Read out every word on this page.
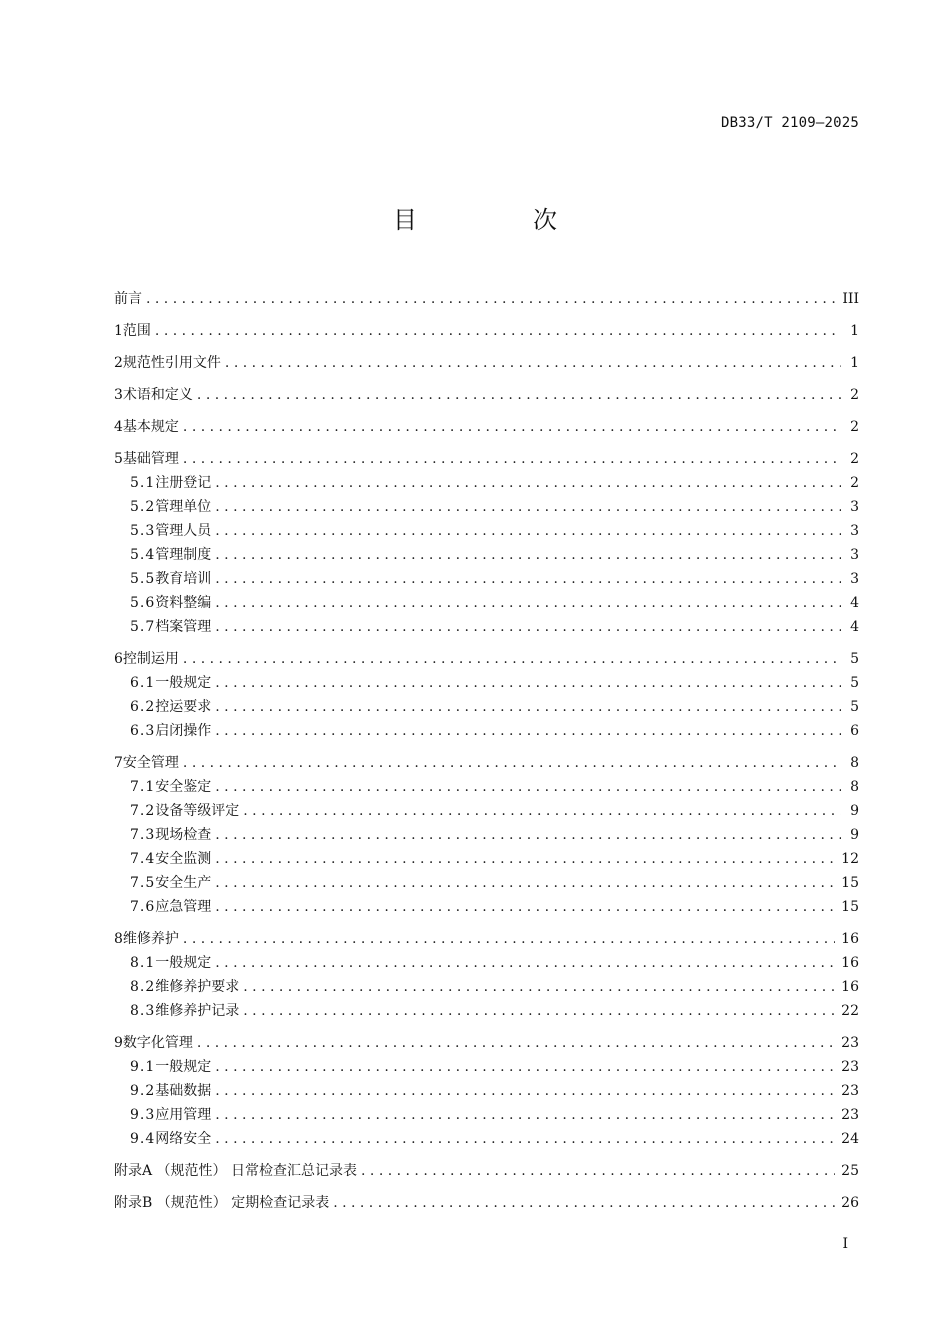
DB33/T 2109—2025
目　次
前言 . . .	III
1 范围 . . .	1
2 规范性引用文件 . . .	1
3 术语和定义 . . .	2
4 基本规定 . . .	2
5 基础管理 . . .	2
5.1 注册登记 . . .	2
5.2 管理单位 . . .	3
5.3 管理人员 . . .	3
5.4 管理制度 . . .	3
5.5 教育培训 . . .	3
5.6 资料整编 . . .	4
5.7 档案管理 . . .	4
6 控制运用 . . .	5
6.1 一般规定 . . .	5
6.2 控运要求 . . .	5
6.3 启闭操作 . . .	6
7 安全管理 . . .	8
7.1 安全鉴定 . . .	8
7.2 设备等级评定 . . .	9
7.3 现场检查 . . .	9
7.4 安全监测 . . .	12
7.5 安全生产 . . .	15
7.6 应急管理 . . .	15
8 维修养护 . . .	16
8.1 一般规定 . . .	16
8.2 维修养护要求 . . .	16
8.3 维修养护记录 . . .	22
9 数字化管理 . . .	23
9.1 一般规定 . . .	23
9.2 基础数据 . . .	23
9.3 应用管理 . . .	23
9.4 网络安全 . . .	24
附录A （规范性） 日常检查汇总记录表 . . .	25
附录B （规范性） 定期检查记录表 . . .	26
I
